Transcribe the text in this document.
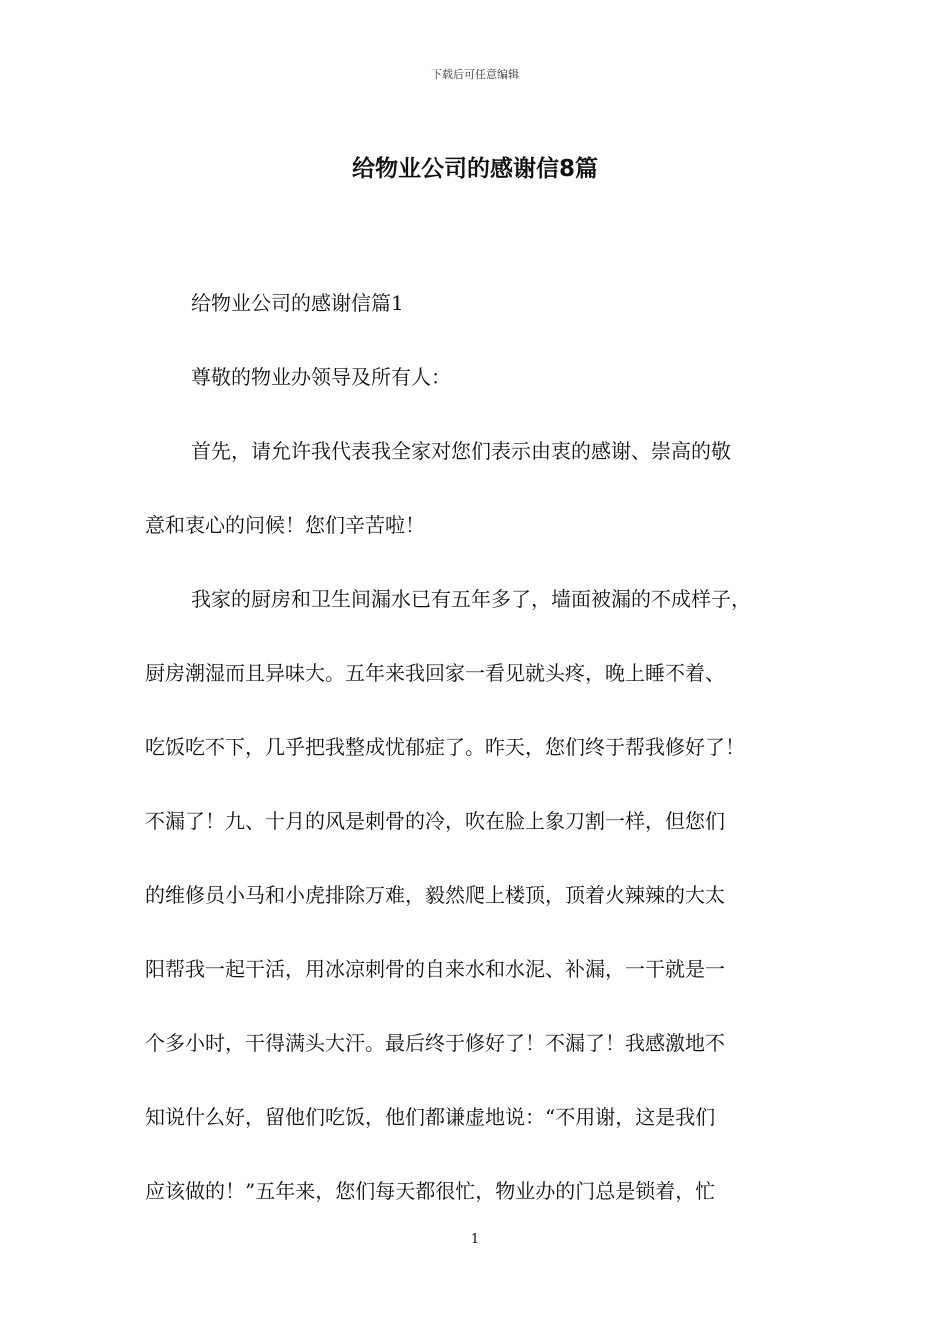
下载后可任意编辑
给物业公司的感谢信8篇
给物业公司的感谢信篇1
尊敬的物业办领导及所有人：
首先，请允许我代表我全家对您们表示由衷的感谢、崇高的敬
意和衷心的问候！您们辛苦啦！
我家的厨房和卫生间漏水已有五年多了，墙面被漏的不成样子，
厨房潮湿而且异味大。五年来我回家一看见就头疼，晚上睡不着、
吃饭吃不下，几乎把我整成忧郁症了。昨天，您们终于帮我修好了！
不漏了！九、十月的风是刺骨的冷，吹在脸上象刀割一样，但您们
的维修员小马和小虎排除万难，毅然爬上楼顶，顶着火辣辣的大太
阳帮我一起干活，用冰凉刺骨的自来水和水泥、补漏，一干就是一
个多小时，干得满头大汗。最后终于修好了！不漏了！我感激地不
知说什么好，留他们吃饭，他们都谦虚地说：“不用谢，这是我们
应该做的！”五年来，您们每天都很忙，物业办的门总是锁着，忙
1
